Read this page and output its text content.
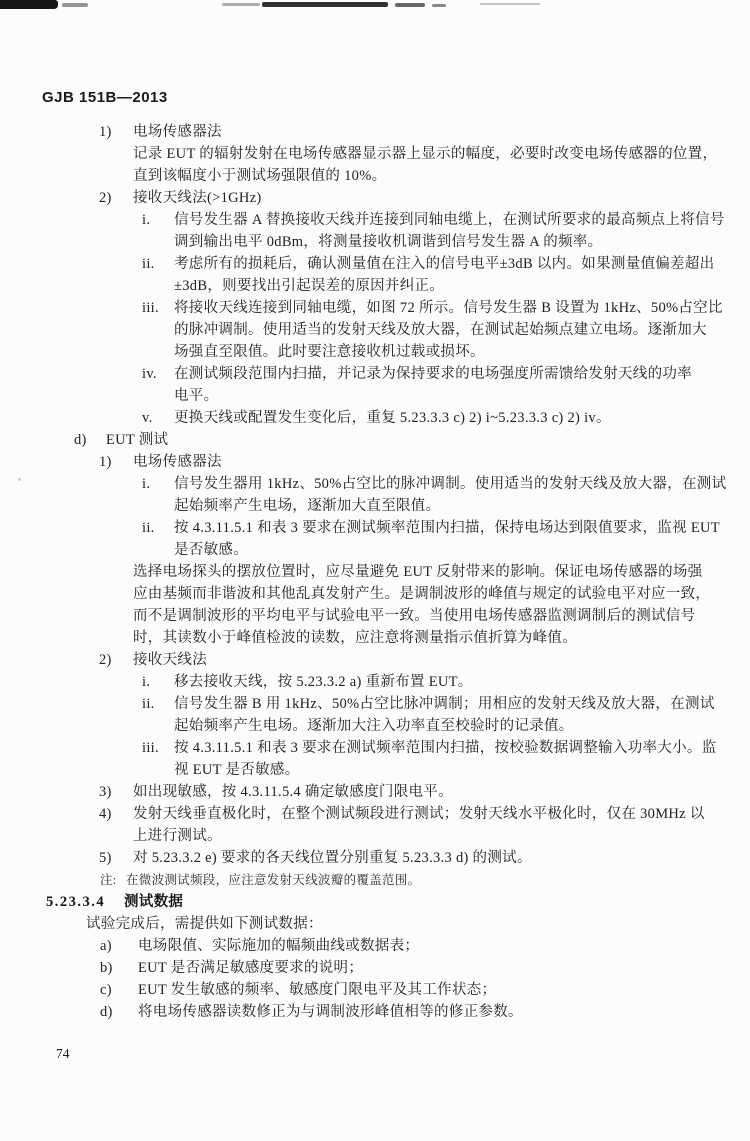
GJB 151B—2013
1) 电场传感器法
记录 EUT 的辐射发射在电场传感器显示器上显示的幅度，必要时改变电场传感器的位置，
直到该幅度小于测试场强限值的 10%。
2) 接收天线法(>1GHz)
i. 信号发生器 A 替换接收天线并连接到同轴电缆上，在测试所要求的最高频点上将信号
调到输出电平 0dBm，将测量接收机调谐到信号发生器 A 的频率。
ii. 考虑所有的损耗后，确认测量值在注入的信号电平±3dB 以内。如果测量值偏差超出
±3dB，则要找出引起误差的原因并纠正。
iii. 将接收天线连接到同轴电缆，如图 72 所示。信号发生器 B 设置为 1kHz、50%占空比
的脉冲调制。使用适当的发射天线及放大器，在测试起始频点建立电场。逐渐加大
场强直至限值。此时要注意接收机过载或损坏。
iv. 在测试频段范围内扫描，并记录为保持要求的电场强度所需馈给发射天线的功率
电平。
v. 更换天线或配置发生变化后，重复 5.23.3.3 c) 2) i~5.23.3.3 c) 2) iv。
d) EUT 测试
1) 电场传感器法
i. 信号发生器用 1kHz、50%占空比的脉冲调制。使用适当的发射天线及放大器，在测试
起始频率产生电场，逐渐加大直至限值。
ii. 按 4.3.11.5.1 和表 3 要求在测试频率范围内扫描，保持电场达到限值要求，监视 EUT
是否敏感。
选择电场探头的摆放位置时，应尽量避免 EUT 反射带来的影响。保证电场传感器的场强
应由基频而非谐波和其他乱真发射产生。是调制波形的峰值与规定的试验电平对应一致，
而不是调制波形的平均电平与试验电平一致。当使用电场传感器监测调制后的测试信号
时，其读数小于峰值检波的读数，应注意将测量指示值折算为峰值。
2) 接收天线法
i. 移去接收天线，按 5.23.3.2 a) 重新布置 EUT。
ii. 信号发生器 B 用 1kHz、50%占空比脉冲调制；用相应的发射天线及放大器，在测试
起始频率产生电场。逐渐加大注入功率直至校验时的记录值。
iii. 按 4.3.11.5.1 和表 3 要求在测试频率范围内扫描，按校验数据调整输入功率大小。监
视 EUT 是否敏感。
3) 如出现敏感，按 4.3.11.5.4 确定敏感度门限电平。
4) 发射天线垂直极化时，在整个测试频段进行测试；发射天线水平极化时，仅在 30MHz 以
上进行测试。
5) 对 5.23.3.2 e) 要求的各天线位置分别重复 5.23.3.3 d) 的测试。
注: 在微波测试频段，应注意发射天线波瓣的覆盖范围。
5.23.3.4 测试数据
试验完成后，需提供如下测试数据：
a) 电场限值、实际施加的幅频曲线或数据表；
b) EUT 是否满足敏感度要求的说明；
c) EUT 发生敏感的频率、敏感度门限电平及其工作状态；
d) 将电场传感器读数修正为与调制波形峰值相等的修正参数。
74
